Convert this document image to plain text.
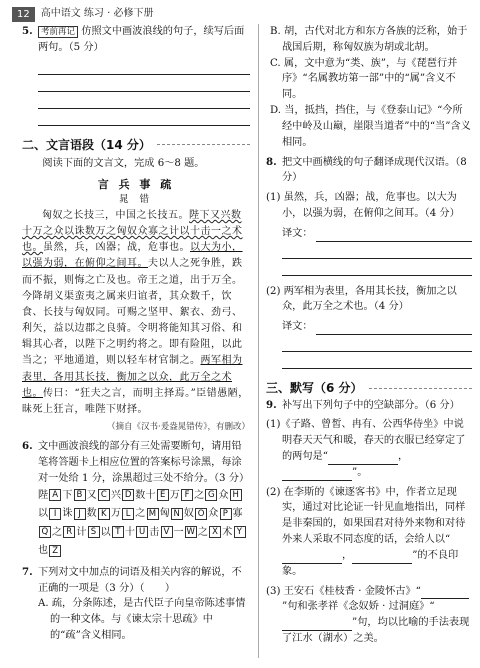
12	高中语文 练习 · 必修下册
5. 考前再记 仿照文中画波浪线的句子，续写后面两句。（5 分）
二、文言语段（14 分）
阅读下面的文言文，完成 6～8 题。
言 兵 事 疏
晁 错
匈奴之长技三，中国之长技五。陛下又兴数十万之众以诛数万之匈奴众寡之计以十击一之术也。虽然，兵，凶器；战，危事也。以大为小，以强为弱，在俯仰之间耳。夫以人之死争胜，跌而不振，则悔之亡及也。帝王之道，出于万全。今降胡义渠蛮夷之属来归谊者，其众数千，饮食、长技与匈奴同。可赐之坚甲、絮衣、劲弓、利矢，益以边郡之良骑。令明将能知其习俗、和辑其心者，以陛下之明约将之。即有险阻，以此当之；平地通道，则以轻车材官制之。两军相为表里，各用其长技，衡加之以众，此万全之术也。传曰：“狂夫之言，而明主择焉。”臣错愚陋，昧死上狂言，唯陛下财择。
（摘自《汉书·爰盎晁错传》，有删改）
6. 文中画波浪线的部分有三处需要断句，请用铅笔将答题卡上相应位置的答案标号涂黑，每涂对一处给 1 分，涂黑超过三处不给分。（3 分）
陛 A 下 B 又 C 兴 D 数十 E 万 F 之 G 众 H以 I 诛 J 数 K 万 L 之 M 匈 N 奴 O 众 P 寡Q 之 R 计 S 以 T 十 U 击 V 一 W 之 X 术 Y也 Z
7. 下列对文中加点的词语及相关内容的解说，不正确的一项是（3 分）（　　）
A. 疏，分条陈述，是古代臣子向皇帝陈述事情的一种文体。与《谏太宗十思疏》中的“疏”含义相同。
B. 胡，古代对北方和东方各族的泛称，始于战国后期，称匈奴族为胡或北胡。
C. 属，文中意为“类、族”，与《琵琶行并序》“名属教坊第一部”中的“属”含义不同。
D. 当，抵挡，挡住，与《登泰山记》“今所经中岭及山巅，崖限当道者”中的“当”含义相同。
8. 把文中画横线的句子翻译成现代汉语。（8 分）
(1) 虽然，兵，凶器；战，危事也。以大为小，以强为弱，在俯仰之间耳。（4 分）
译文：
(2) 两军相为表里，各用其长技，衡加之以众，此万全之术也。（4 分）
译文：
三、默写（6 分）
9. 补写出下列句子中的空缺部分。（6 分）
(1)《子路、曾皙、冉有、公西华侍坐》中说明春天天气和暖，春天的衣服已经穿定了的两句是“	，”。
(2) 在李斯的《谏逐客书》中，作者立足现实，通过对比论证一针见血地指出，同样是非秦国的，如果国君对待外来物和对待外来人采取不同态度的话，会给人以“，	”的不良印象。
(3) 王安石《桂枝香 · 金陵怀古》“”句和张孝祥《念奴娇 · 过洞庭》“”句，均以比喻的手法表现了江水（湖水）之美。
